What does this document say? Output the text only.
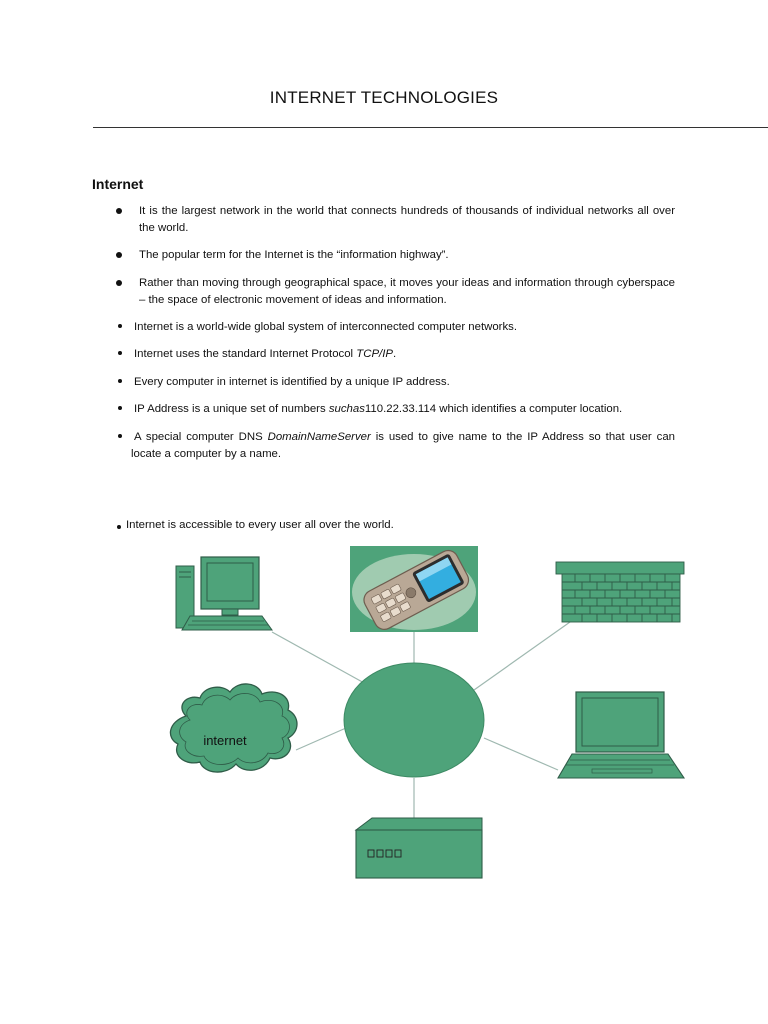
INTERNET TECHNOLOGIES
Internet
It is the largest network in the world that connects hundreds of thousands of individual networks all over the world.
The popular term for the Internet is the “information highway”.
Rather than moving through geographical space, it moves your ideas and information through cyberspace – the space of electronic movement of ideas and information.
Internet is a world-wide global system of interconnected computer networks.
Internet uses the standard Internet Protocol TCP/IP.
Every computer in internet is identified by a unique IP address.
IP Address is a unique set of numbers suchas110.22.33.114 which identifies a computer location.
A special computer DNS DomainNameServer is used to give name to the IP Address so that user can locate a computer by a name.
Internet is accessible to every user all over the world.
internet
